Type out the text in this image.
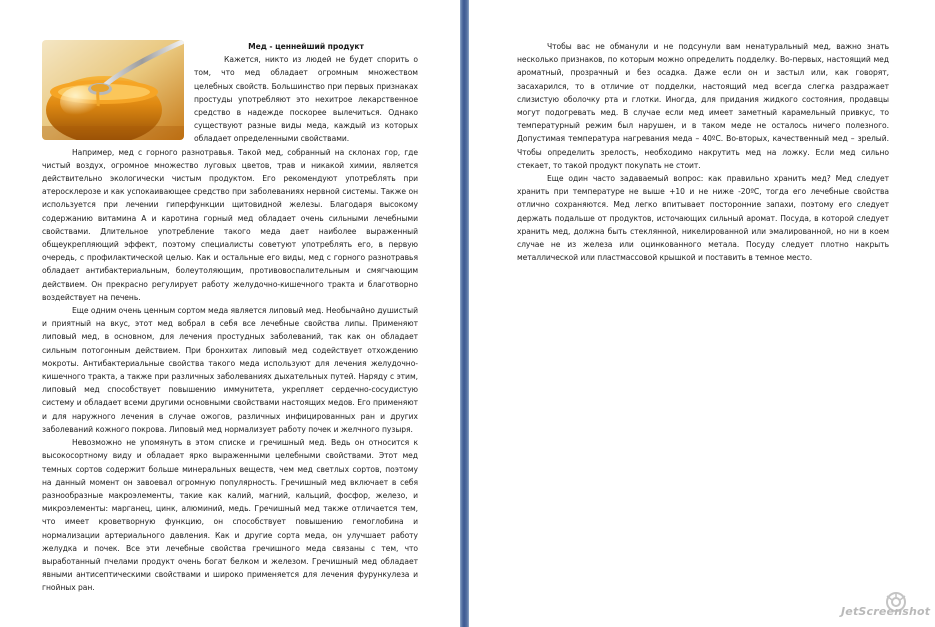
Мед - ценнейший продукт

Кажется, никто из людей не будет спорить о том, что мед обладает огромным множеством целебных свойств. Большинство при первых признаках простуды употребляют это нехитрое лекарственное средство в надежде поскорее вылечиться. Однако существуют разные виды меда, каждый из которых обладает определенными свойствами.

Например, мед с горного разнотравья. Такой мед, собранный на склонах гор, где чистый воздух, огромное множество луговых цветов, трав и никакой химии, является действительно экологически чистым продуктом. Его рекомендуют употреблять при атеросклерозе и как успокаивающее средство при заболеваниях нервной системы. Также он используется при лечении гиперфункции щитовидной железы. Благодаря высокому содержанию витамина А и каротина горный мед обладает очень сильными лечебными свойствами. Длительное употребление такого меда дает наиболее выраженный общеукрепляющий эффект, поэтому специалисты советуют употреблять его, в первую очередь, с профилактической целью. Как и остальные его виды, мед с горного разнотравья обладает антибактериальным, болеутоляющим, противовоспалительным и смягчающим действием. Он прекрасно регулирует работу желудочно-кишечного тракта и благотворно воздействует на печень.

Еще одним очень ценным сортом меда является липовый мед. Необычайно душистый и приятный на вкус, этот мед вобрал в себя все лечебные свойства липы. Применяют липовый мед, в основном, для лечения простудных заболеваний, так как он обладает сильным потогонным действием. При бронхитах липовый мед содействует отхождению мокроты. Антибактериальные свойства такого меда используют для лечения желудочно-кишечного тракта, а также при различных заболеваниях дыхательных путей. Наряду с этим, липовый мед способствует повышению иммунитета, укрепляет сердечно-сосудистую систему и обладает всеми другими основными свойствами настоящих медов. Его применяют и для наружного лечения в случае ожогов, различных инфицированных ран и других заболеваний кожного покрова. Липовый мед нормализует работу почек и желчного пузыря.

Невозможно не упомянуть в этом списке и гречишный мед. Ведь он относится к высокосортному виду и обладает ярко выраженными целебными свойствами. Этот мед темных сортов содержит больше минеральных веществ, чем мед светлых сортов, поэтому на данный момент он завоевал огромную популярность. Гречишный мед включает в себя разнообразные макроэлементы, такие как калий, магний, кальций, фосфор, железо, и микроэлементы: марганец, цинк, алюминий, медь. Гречишный мед также отличается тем, что имеет кроветворную функцию, он способствует повышению гемоглобина и нормализации артериального давления. Как и другие сорта меда, он улучшает работу желудка и почек. Все эти лечебные свойства гречишного меда связаны с тем, что выработанный пчелами продукт очень богат белком и железом. Гречишный мед обладает явными антисептическими свойствами и широко применяется для лечения фурункулеза и гнойных ран.

Чтобы вас не обманули и не подсунули вам ненатуральный мед, важно знать несколько признаков, по которым можно определить подделку. Во-первых, настоящий мед ароматный, прозрачный и без осадка. Даже если он и застыл или, как говорят, засахарился, то в отличие от подделки, настоящий мед всегда слегка раздражает слизистую оболочку рта и глотки. Иногда, для придания жидкого состояния, продавцы могут подогревать мед. В случае если мед имеет заметный карамельный привкус, то температурный режим был нарушен, и в таком меде не осталось ничего полезного. Допустимая температура нагревания меда – 40ºС. Во-вторых, качественный мед – зрелый. Чтобы определить зрелость, необходимо накрутить мед на ложку. Если мед сильно стекает, то такой продукт покупать не стоит.

Еще один часто задаваемый вопрос: как правильно хранить мед? Мед следует хранить при температуре не выше +10 и не ниже -20ºС, тогда его лечебные свойства отлично сохраняются. Мед легко впитывает посторонние запахи, поэтому его следует держать подальше от продуктов, источающих сильный аромат. Посуда, в которой следует хранить мед, должна быть стеклянной, никелированной или эмалированной, но ни в коем случае не из железа или оцинкованного метала. Посуду следует плотно накрыть металлической или пластмассовой крышкой и поставить в темное место.

JetScreenshot
